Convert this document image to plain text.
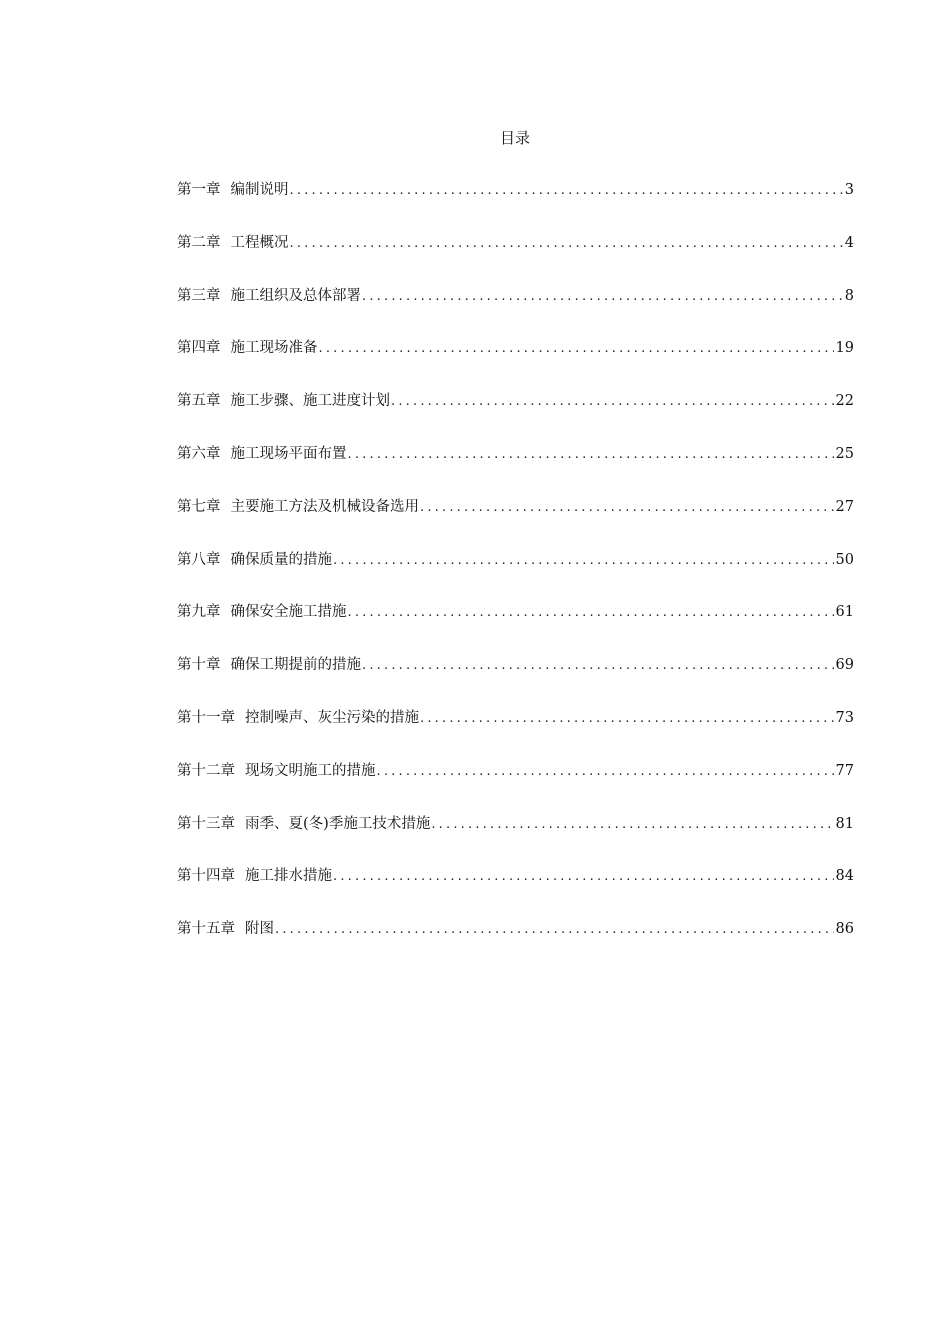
目录
第一章 编制说明 .....	3
第二章 工程概况 .....	4
第三章 施工组织及总体部署 .....	8
第四章 施工现场准备 .....	19
第五章 施工步骤、施工进度计划 .....	22
第六章 施工现场平面布置 .....	25
第七章 主要施工方法及机械设备选用 .....	27
第八章 确保质量的措施 .....	50
第九章 确保安全施工措施 .....	61
第十章 确保工期提前的措施 .....	69
第十一章 控制噪声、灰尘污染的措施 .....	73
第十二章 现场文明施工的措施 .....	77
第十三章 雨季、夏(冬)季施工技术措施 .....	81
第十四章 施工排水措施 .....	84
第十五章 附图 .....	86
